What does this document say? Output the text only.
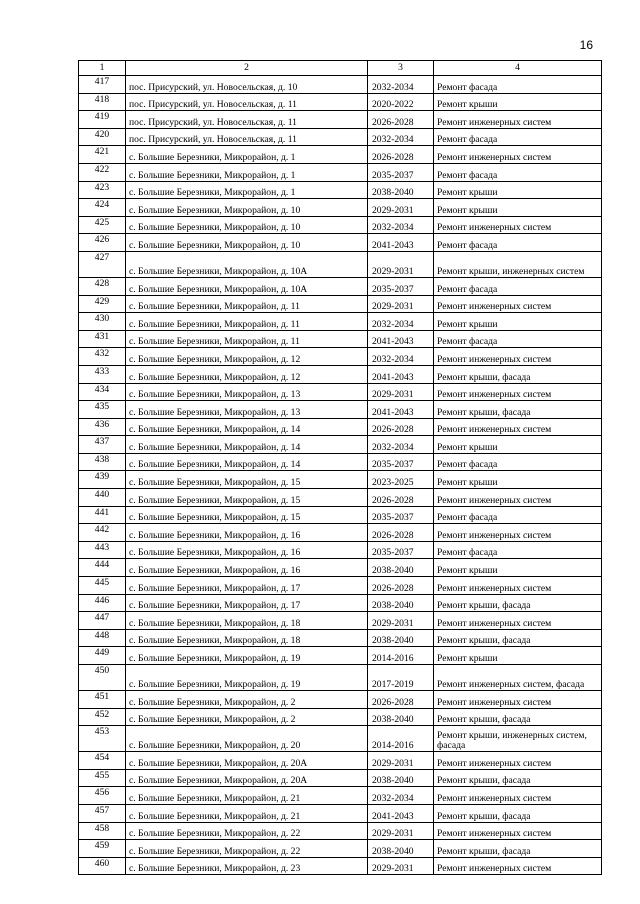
16
1	2	3	4
417	пос. Присурский, ул. Новосельская, д. 10	2032-2034	Ремонт фасада
418	пос. Присурский, ул. Новосельская, д. 11	2020-2022	Ремонт крыши
419	пос. Присурский, ул. Новосельская, д. 11	2026-2028	Ремонт инженерных систем
420	пос. Присурский, ул. Новосельская, д. 11	2032-2034	Ремонт фасада
421	с. Большие Березники, Микрорайон, д. 1	2026-2028	Ремонт инженерных систем
422	с. Большие Березники, Микрорайон, д. 1	2035-2037	Ремонт фасада
423	с. Большие Березники, Микрорайон, д. 1	2038-2040	Ремонт крыши
424	с. Большие Березники, Микрорайон, д. 10	2029-2031	Ремонт крыши
425	с. Большие Березники, Микрорайон, д. 10	2032-2034	Ремонт инженерных систем
426	с. Большие Березники, Микрорайон, д. 10	2041-2043	Ремонт фасада
427	с. Большие Березники, Микрорайон, д. 10А	2029-2031	Ремонт крыши, инженерных систем
428	с. Большие Березники, Микрорайон, д. 10А	2035-2037	Ремонт фасада
429	с. Большие Березники, Микрорайон, д. 11	2029-2031	Ремонт инженерных систем
430	с. Большие Березники, Микрорайон, д. 11	2032-2034	Ремонт крыши
431	с. Большие Березники, Микрорайон, д. 11	2041-2043	Ремонт фасада
432	с. Большие Березники, Микрорайон, д. 12	2032-2034	Ремонт инженерных систем
433	с. Большие Березники, Микрорайон, д. 12	2041-2043	Ремонт крыши, фасада
434	с. Большие Березники, Микрорайон, д. 13	2029-2031	Ремонт инженерных систем
435	с. Большие Березники, Микрорайон, д. 13	2041-2043	Ремонт крыши, фасада
436	с. Большие Березники, Микрорайон, д. 14	2026-2028	Ремонт инженерных систем
437	с. Большие Березники, Микрорайон, д. 14	2032-2034	Ремонт крыши
438	с. Большие Березники, Микрорайон, д. 14	2035-2037	Ремонт фасада
439	с. Большие Березники, Микрорайон, д. 15	2023-2025	Ремонт крыши
440	с. Большие Березники, Микрорайон, д. 15	2026-2028	Ремонт инженерных систем
441	с. Большие Березники, Микрорайон, д. 15	2035-2037	Ремонт фасада
442	с. Большие Березники, Микрорайон, д. 16	2026-2028	Ремонт инженерных систем
443	с. Большие Березники, Микрорайон, д. 16	2035-2037	Ремонт фасада
444	с. Большие Березники, Микрорайон, д. 16	2038-2040	Ремонт крыши
445	с. Большие Березники, Микрорайон, д. 17	2026-2028	Ремонт инженерных систем
446	с. Большие Березники, Микрорайон, д. 17	2038-2040	Ремонт крыши, фасада
447	с. Большие Березники, Микрорайон, д. 18	2029-2031	Ремонт инженерных систем
448	с. Большие Березники, Микрорайон, д. 18	2038-2040	Ремонт крыши, фасада
449	с. Большие Березники, Микрорайон, д. 19	2014-2016	Ремонт крыши
450	с. Большие Березники, Микрорайон, д. 19	2017-2019	Ремонт инженерных систем, фасада
451	с. Большие Березники, Микрорайон, д. 2	2026-2028	Ремонт инженерных систем
452	с. Большие Березники, Микрорайон, д. 2	2038-2040	Ремонт крыши, фасада
453	с. Большие Березники, Микрорайон, д. 20	2014-2016	Ремонт крыши, инженерных систем, фасада
454	с. Большие Березники, Микрорайон, д. 20А	2029-2031	Ремонт инженерных систем
455	с. Большие Березники, Микрорайон, д. 20А	2038-2040	Ремонт крыши, фасада
456	с. Большие Березники, Микрорайон, д. 21	2032-2034	Ремонт инженерных систем
457	с. Большие Березники, Микрорайон, д. 21	2041-2043	Ремонт крыши, фасада
458	с. Большие Березники, Микрорайон, д. 22	2029-2031	Ремонт инженерных систем
459	с. Большие Березники, Микрорайон, д. 22	2038-2040	Ремонт крыши, фасада
460	с. Большие Березники, Микрорайон, д. 23	2029-2031	Ремонт инженерных систем
